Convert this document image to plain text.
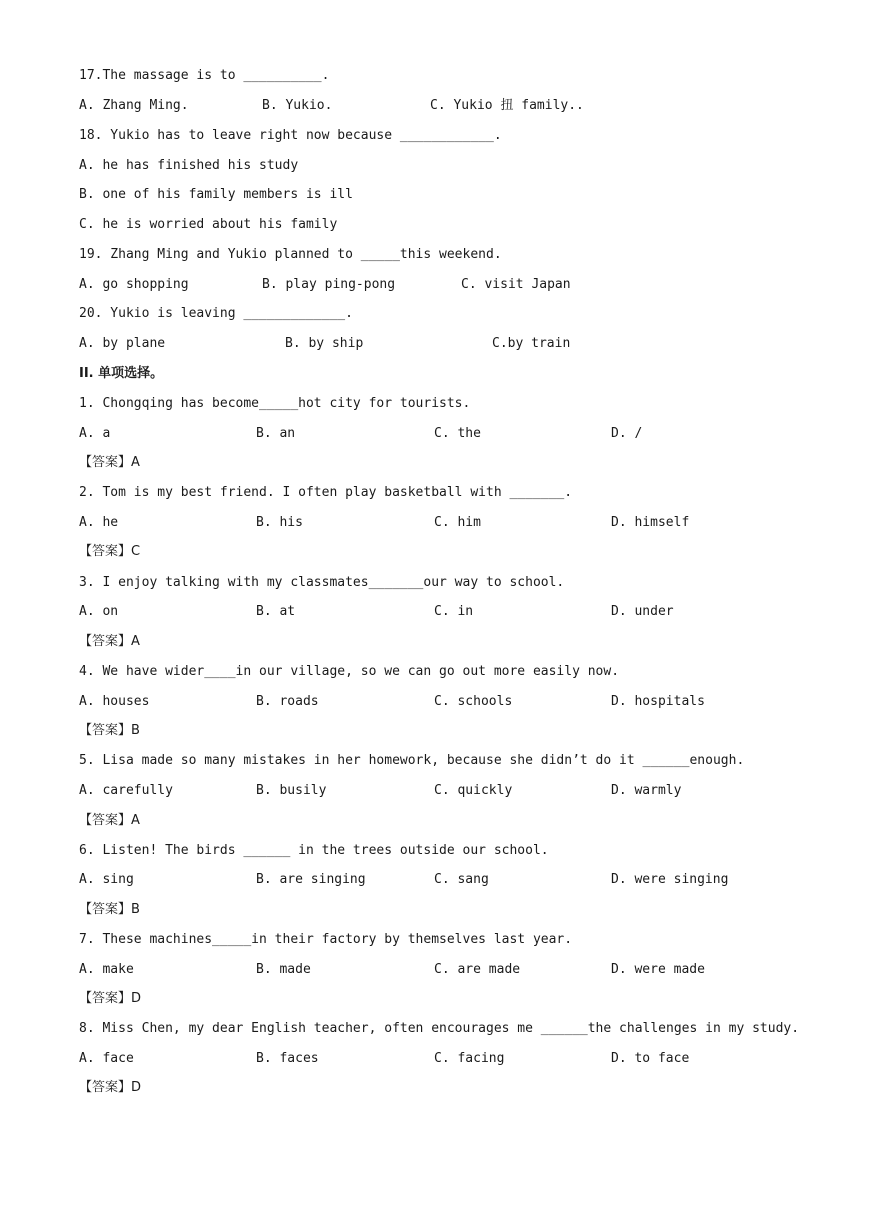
17.The massage is to __________.
A. Zhang Ming.	B. Yukio.	C. Yukio 扭 family..
18. Yukio has to leave right now because ____________.
A. he has finished his study
B. one of his family members is ill
C. he is worried about his family
19. Zhang Ming and Yukio planned to _____this weekend.
A. go shopping	B. play ping-pong	C. visit Japan
20. Yukio is leaving _____________.
A. by plane	B. by ship	C.by train
II. 单项选择。
1. Chongqing has become_____hot city for tourists.
A. a	B. an	C. the	D. /
【答案】A
2. Tom is my best friend. I often play basketball with _______.
A. he	B. his	C. him	D. himself
【答案】C
3. I enjoy talking with my classmates_______our way to school.
A. on	B. at	C. in	D. under
【答案】A
4. We have wider____in our village, so we can go out more easily now.
A. houses	B. roads	C. schools	D. hospitals
【答案】B
5. Lisa made so many mistakes in her homework, because she didn’t do it ______enough.
A. carefully	B. busily	C. quickly	D. warmly
【答案】A
6. Listen! The birds ______ in the trees outside our school.
A. sing	B. are singing	C. sang	D. were singing
【答案】B
7. These machines_____in their factory by themselves last year.
A. make	B. made	C. are made	D. were made
【答案】D
8. Miss Chen, my dear English teacher, often encourages me ______the challenges in my study.
A. face	B. faces	C. facing	D. to face
【答案】D
